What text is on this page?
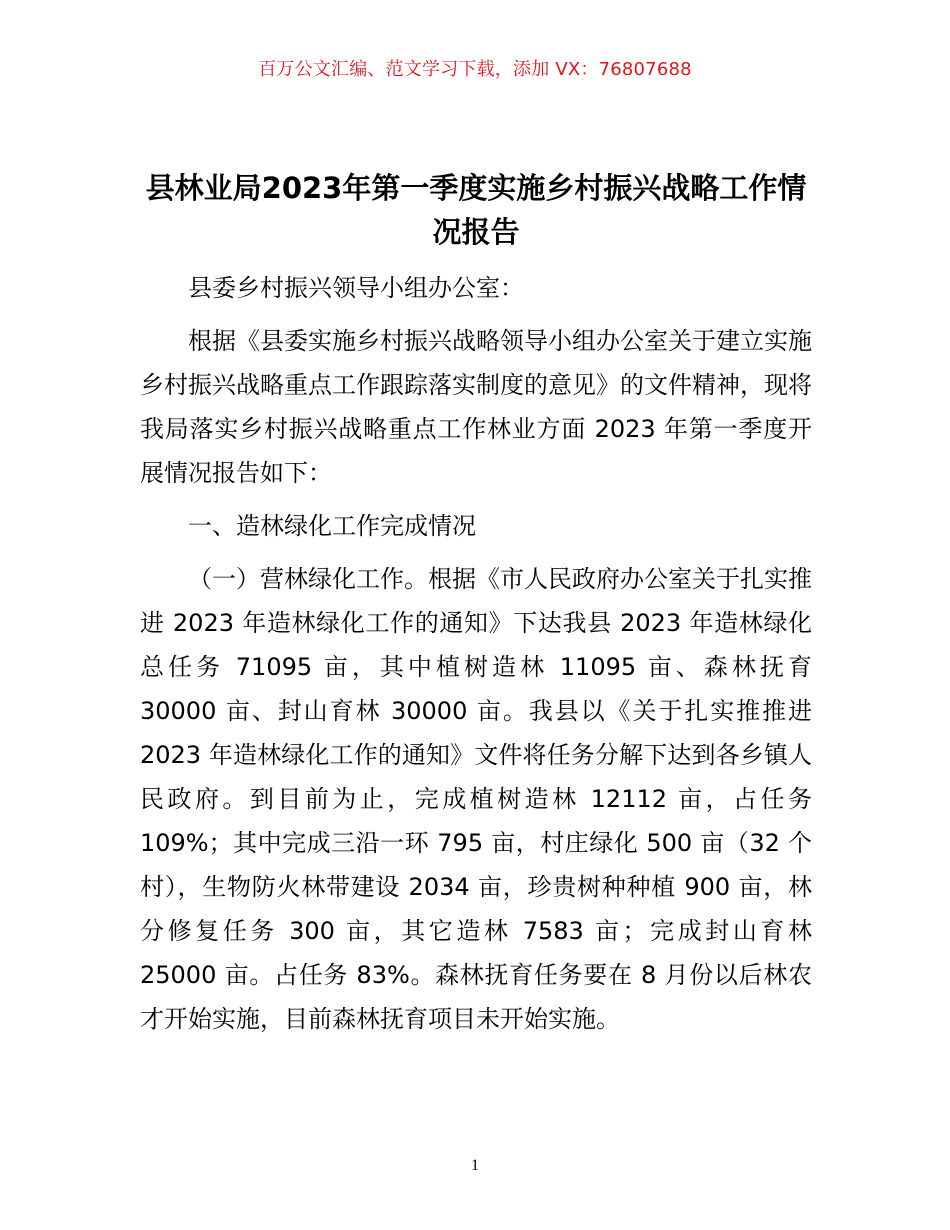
百万公文汇编、范文学习下载，添加 VX：76807688
县林业局2023年第一季度实施乡村振兴战略工作情况报告

县委乡村振兴领导小组办公室：

根据《县委实施乡村振兴战略领导小组办公室关于建立实施乡村振兴战略重点工作跟踪落实制度的意见》的文件精神，现将我局落实乡村振兴战略重点工作林业方面 2023 年第一季度开展情况报告如下：

一、造林绿化工作完成情况

（一）营林绿化工作。根据《市人民政府办公室关于扎实推进 2023 年造林绿化工作的通知》下达我县 2023 年造林绿化总任务 71095 亩，其中植树造林 11095 亩、森林抚育 30000 亩、封山育林 30000 亩。我县以《关于扎实推推进 2023 年造林绿化工作的通知》文件将任务分解下达到各乡镇人民政府。到目前为止，完成植树造林 12112 亩，占任务 109%；其中完成三沿一环 795 亩，村庄绿化 500 亩（32 个村），生物防火林带建设 2034 亩，珍贵树种种植 900 亩，林分修复任务 300 亩，其它造林 7583 亩；完成封山育林 25000 亩。占任务 83%。森林抚育任务要在 8 月份以后林农才开始实施，目前森林抚育项目未开始实施。

1
